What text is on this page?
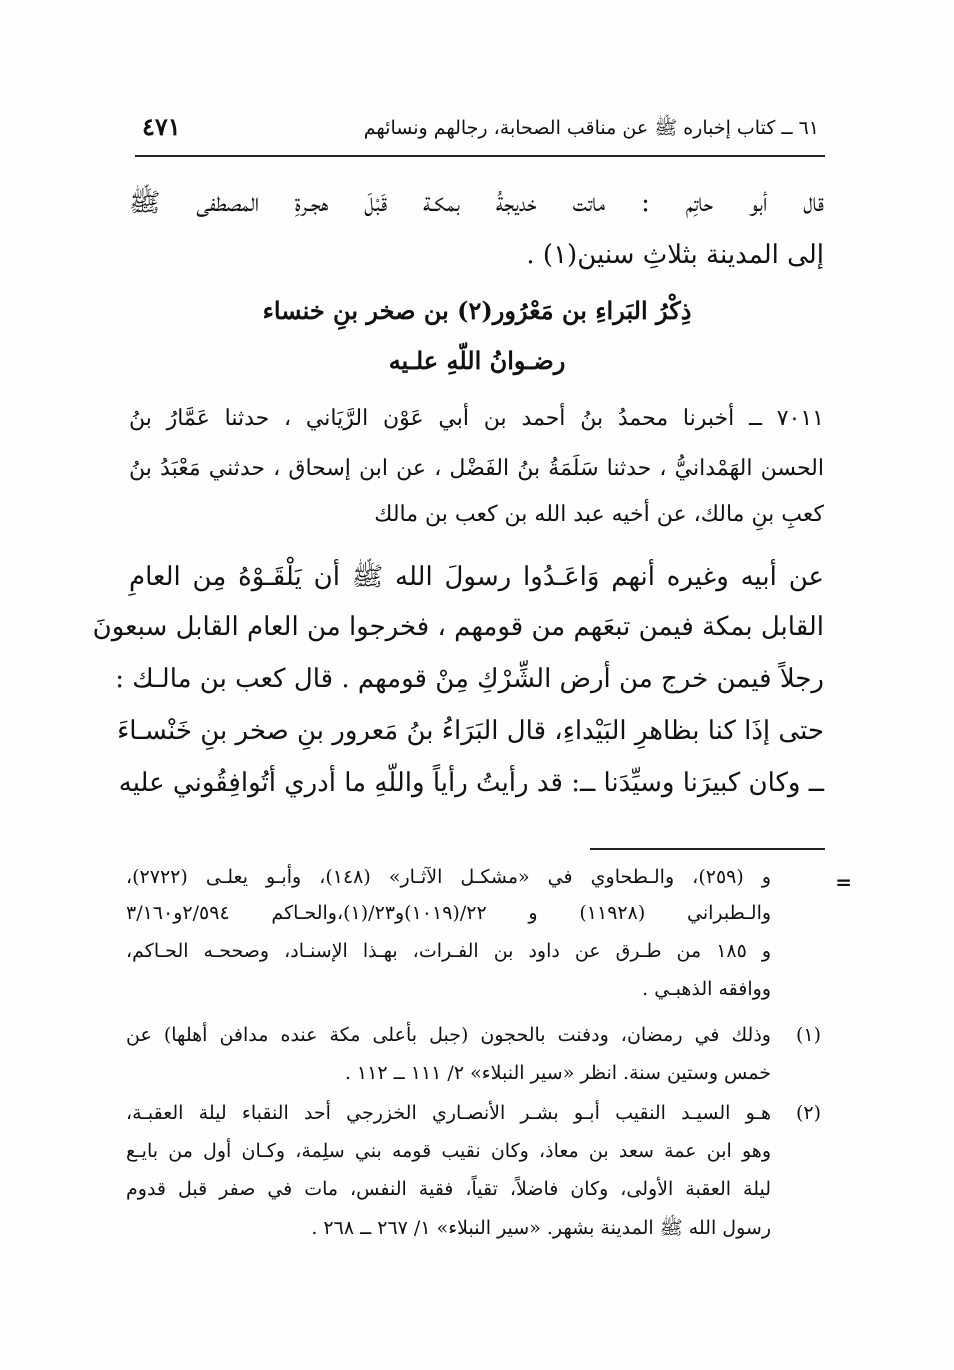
٦١ ــ كتاب إخباره ﷺ عن مناقب الصحابة، رجالهم ونسائهم
٤٧١
قال أبو حاتِم : ماتت خديجةُ بمكـة قَبْلَ هجـرةِ المصطفى ﷺ
إلى المدينة بثلاثِ سنين(١) .
ذِكْرُ البَراءِ بن مَعْرُور(٢) بن صخر بنِ خنساء
رضـوانُ اللّهِ علـيه
٧٠١١ ــ أخبرنا محمدُ بنُ أحمد بن أبي عَوْن الرَّيَاني ، حدثنا عَمَّارُ بنُ
الحسن الهَمْدانيُّ ، حدثنا سَلَمَةُ بنُ الفَضْل ، عن ابن إسحاق ، حدثني مَعْبَدُ بنُ
كعبِ بنِ مالك، عن أخيه عبد الله بن كعب بن مالك
عن أبيه وغيره أنهم وَاعَـدُوا رسولَ الله ﷺ أن يَلْقَـوْهُ مِن العامِ
القابل بمكة فيمن تبعَهم من قومهم ، فخرجوا من العام القابل سبعونَ
رجلاً فيمن خرج من أرض الشِّرْكِ مِنْ قومهم . قال كعب بن مالـك :
حتى إذَا كنا بظاهرِ البَيْداءِ، قال البَرَاءُ بنُ مَعرور بنِ صخر بنِ خَنْسـاءَ
ــ وكان كبيرَنا وسيِّدَنا ــ: قد رأيتُ رأياً واللّهِ ما أدري أتُوافِقُوني عليه
=
و (٢٥٩)، والـطحاوي في «مشكـل الآثـار» (١٤٨)، وأبـو يعلـى (٢٧٢٢)،
والـطبراني (١١٩٢٨) و ٢٢/(١٠١٩)و٢٣/(١)،والحـاكم ٢/٥٩٤و٣/١٦٠
و ١٨٥ من طـرق عن داود بن الفـرات، بهـذا الإسنـاد، وصححـه الحـاكم،
ووافقه الذهبـي .
(١)
وذلك في رمضان، ودفنت بالحجون (جبل بأعلى مكة عنده مدافن أهلها) عن
خمس وستين سنة. انظر «سير النبلاء» ٢/ ١١١ ــ ١١٢ .
(٢)
هـو السيـد النقيب أبـو بشـر الأنصـاري الخزرجي أحد النقباء ليلة العقبـة،
وهو ابن عمة سعد بن معاذ، وكان نقيب قومه بني سلِمة، وكـان أول من بايـع
ليلة العقبة الأولى، وكان فاضلاً، تقياً، فقية النفس، مات في صفر قبل قدوم
رسول الله ﷺ المدينة بشهر. «سير النبلاء» ١/ ٢٦٧ ــ ٢٦٨ .
